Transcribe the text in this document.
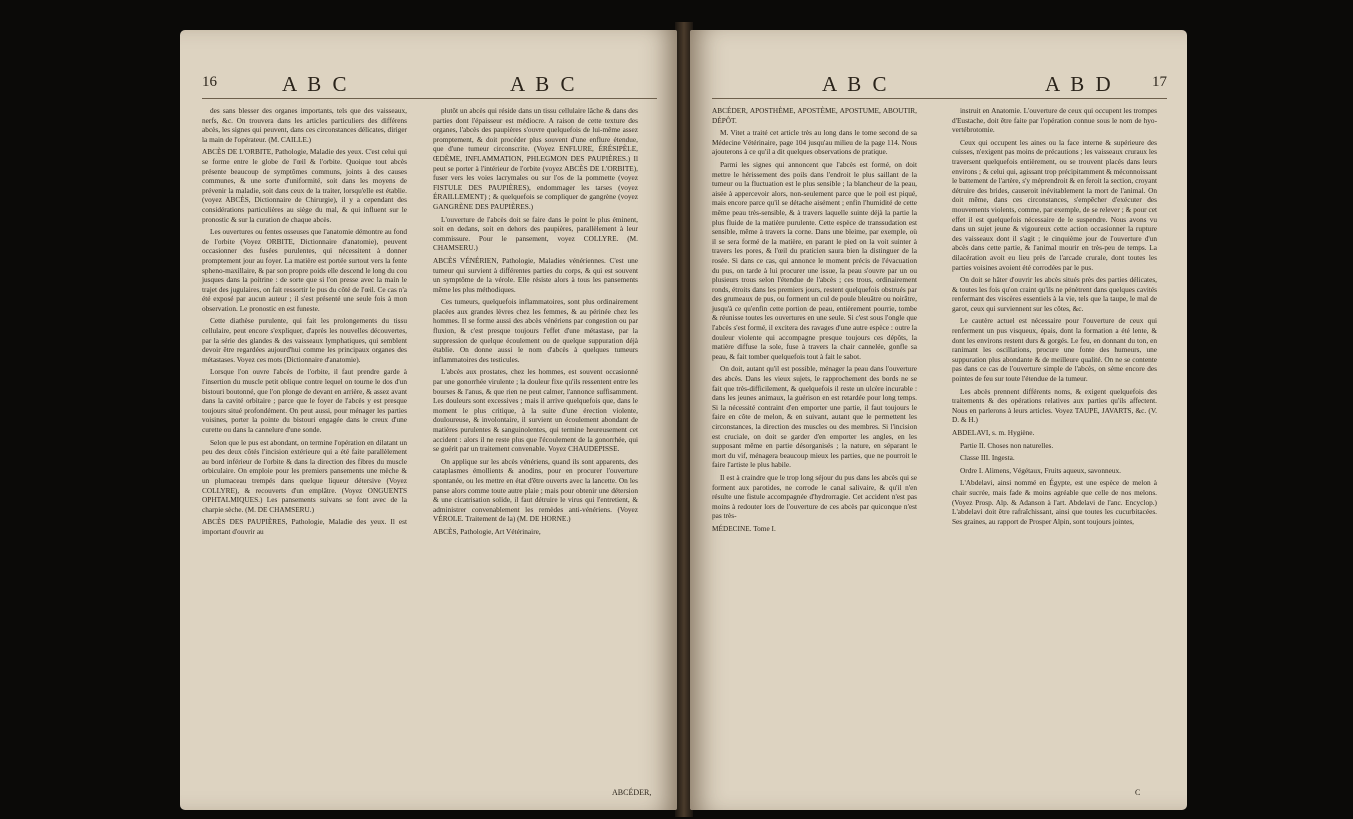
16	A B C	A B C

des sans blesser des organes importants, tels que des vaisseaux, nerfs, &c. On trouvera dans les articles particuliers des différens abcès, les signes qui peuvent, dans ces circonstances délicates, diriger la main de l'opérateur. (M. CAILLE.)

ABCÈS DE L'ORBITE, Pathologie, Maladie des yeux. C'est celui qui se forme entre le globe de l'œil & l'orbite. Quoique tout abcès présente beaucoup de symptômes communs, joints à des causes communes, & une sorte d'uniformité, soit dans les moyens de prévenir la maladie, soit dans ceux de la traiter, lorsqu'elle est établie. (voyez ABCÈS, Dictionnaire de Chirurgie), il y a cependant des considérations particulières au siège du mal, & qui influent sur le pronostic & sur la curation de chaque abcès.

Les ouvertures ou fentes osseuses que l'anatomie démontre au fond de l'orbite (Voyez ORBITE, Dictionnaire d'anatomie), peuvent occasionner des fusées purulentes, qui nécessitent à donner promptement jour au foyer. La matière est portée surtout vers la fente spheno-maxillaire, & par son propre poids elle descend le long du cou jusques dans la poitrine : de sorte que si l'on presse avec la main le trajet des jugulaires, on fait ressortir le pus du côté de l'œil. Ce cas n'a été exposé par aucun auteur ; il s'est présenté une seule fois à mon observation. Le pronostic en est funeste.

Cette diathèse purulente, qui fait les prolongements du tissu cellulaire, peut encore s'expliquer, d'après les nouvelles découvertes, par la série des glandes & des vaisseaux lymphatiques, qui semblent devoir être regardées aujourd'hui comme les principaux organes des métastases. Voyez ces mots (Dictionnaire d'anatomie).

Lorsque l'on ouvre l'abcès de l'orbite, il faut prendre garde à l'insertion du muscle petit oblique contre lequel on tourne le dos d'un bistouri boutonné, que l'on plonge de devant en arrière, & assez avant dans la cavité orbitaire ; parce que le foyer de l'abcès y est presque toujours situé profondément. On peut aussi, pour ménager les parties voisines, porter la pointe du bistouri engagée dans le creux d'une curette ou dans la cannelure d'une sonde.

Selon que le pus est abondant, on termine l'opération en dilatant un peu des deux côtés l'incision extérieure qui a été faite parallèlement au bord inférieur de l'orbite & dans la direction des fibres du muscle orbiculaire. On emploie pour les premiers pansements une mèche & un plumaceau trempés dans quelque liqueur détersive (Voyez COLLYRE), & recouverts d'un emplâtre. (Voyez ONGUENTS OPHTALMIQUES.) Les pansements suivans se font avec de la charpie sèche. (M. DE CHAMSERU.)

ABCÈS DES PAUPIÈRES, Pathologie, Maladie des yeux. Il est important d'ouvrir au

plutôt un abcès qui réside dans un tissu cellulaire lâche & dans des parties dont l'épaisseur est médiocre. A raison de cette texture des organes, l'abcès des paupières s'ouvre quelquefois de lui-même assez promptement, & doit procéder plus souvent d'une enflure étendue, que d'une tumeur circonscrite. (Voyez ENFLURE, ÉRÉSIPÈLE, ŒDÈME, INFLAMMATION, PHLEGMON DES PAUPIÈRES.) Il peut se porter à l'intérieur de l'orbite (voyez ABCÈS DE L'ORBITE), fuser vers les voies lacrymales ou sur l'os de la pommette (voyez FISTULE DES PAUPIÈRES), endommager les tarses (voyez ÉRAILLEMENT) ; & quelquefois se compliquer de gangrène (voyez GANGRÈNE DES PAUPIÈRES.)

L'ouverture de l'abcès doit se faire dans le point le plus éminent, soit en dedans, soit en dehors des paupières, parallèlement à leur commissure. Pour le pansement, voyez COLLYRE. (M. CHAMSERU.)

ABCÈS VÉNÉRIEN, Pathologie, Maladies vénériennes. C'est une tumeur qui survient à différentes parties du corps, & qui est souvent un symptôme de la vérole. Elle résiste alors à tous les pansements même les plus méthodiques.

Ces tumeurs, quelquefois inflammatoires, sont plus ordinairement placées aux grandes lèvres chez les femmes, & au périnée chez les hommes. Il se forme aussi des abcès vénériens par congestion ou par fluxion, & c'est presque toujours l'effet d'une métastase, par la suppression de quelque écoulement ou de quelque suppuration déjà établie. On donne aussi le nom d'abcès à quelques tumeurs inflammatoires des testicules.

L'abcès aux prostates, chez les hommes, est souvent occasionné par une gonorrhée virulente ; la douleur fixe qu'ils ressentent entre les bourses & l'anus, & que rien ne peut calmer, l'annonce suffisamment. Les douleurs sont excessives ; mais il arrive quelquefois que, dans le moment le plus critique, à la suite d'une érection violente, douloureuse, & involontaire, il survient un écoulement abondant de matières purulentes & sanguinolentes, qui termine heureusement cet accident : alors il ne reste plus que l'écoulement de la gonorrhée, qui se guérit par un traitement convenable. Voyez CHAUDEPISSE.

On applique sur les abcès vénériens, quand ils sont apparents, des cataplasmes émollients & anodins, pour en procurer l'ouverture spontanée, ou les mettre en état d'être ouverts avec la lancette. On les panse alors comme toute autre plaie ; mais pour obtenir une détersion & une cicatrisation solide, il faut détruire le virus qui l'entretient, & administrer convenablement les remèdes anti-vénériens. (Voyez VÉROLE. Traitement de la) (M. DE HORNE.)

ABCÈS, Pathologie, Art Vétérinaire,

ABCÉDER,
A B C	A B D	17

ABCÉDER, APOSTHÈME, APOSTÈME, APOSTUME, ABOUTIR, DÉPÔT.

M. Vitet a traité cet article très au long dans le tome second de sa Médecine Vétérinaire, page 104 jusqu'au milieu de la page 114. Nous ajouterons à ce qu'il a dit quelques observations de pratique.

Parmi les signes qui annoncent que l'abcès est formé, on doit mettre le hérissement des poils dans l'endroit le plus saillant de la tumeur ou la fluctuation est le plus sensible ; la blancheur de la peau, aisée à appercevoir alors, non-seulement parce que le poil est piqué, mais encore parce qu'il se détache aisément ; enfin l'humidité de cette même peau très-sensible, & à travers laquelle suinte déjà la partie la plus fluide de la matière purulente. Cette espèce de transsudation est sensible, même à travers la corne. Dans une bleime, par exemple, où il se sera formé de la matière, en parant le pied on la voit suinter à travers les pores, & l'œil du praticien saura bien la distinguer de la rosée. Si dans ce cas, qui annonce le moment précis de l'évacuation du pus, on tarde à lui procurer une issue, la peau s'ouvre par un ou plusieurs trous selon l'étendue de l'abcès ; ces trous, ordinairement ronds, étroits dans les premiers jours, restent quelquefois obstrués par des grumeaux de pus, ou forment un cul de poule bleuâtre ou noirâtre, jusqu'à ce qu'enfin cette portion de peau, entièrement pourrie, tombe & réunisse toutes les ouvertures en une seule. Si c'est sous l'ongle que l'abcès s'est formé, il excitera des ravages d'une autre espèce : outre la douleur violente qui accompagne presque toujours ces dépôts, la matière diffuse la sole, fuse à travers la chair cannelée, gonfle sa peau, & fait tomber quelquefois tout à fait le sabot.

On doit, autant qu'il est possible, ménager la peau dans l'ouverture des abcès. Dans les vieux sujets, le rapprochement des bords ne se fait que très-difficilement, & quelquefois il reste un ulcère incurable : dans les jeunes animaux, la guérison en est retardée pour long temps. Si la nécessité contraint d'en emporter une partie, il faut toujours le faire en côte de melon, & en suivant, autant que le permettent les circonstances, la direction des muscles ou des membres. Si l'incision est cruciale, on doit se garder d'en emporter les angles, en les supposant même en partie désorganisés ; la nature, en séparant le mort du vif, ménagera beaucoup mieux les parties, que ne pourroit le faire l'artiste le plus habile.

Il est à craindre que le trop long séjour du pus dans les abcès qui se forment aux parotides, ne corrode le canal salivaire, & qu'il n'en résulte une fistule accompagnée d'hydrorragie. Cet accident n'est pas moins à redouter lors de l'ouverture de ces abcès par quiconque n'est pas très-

MÉDECINE. Tome I.

instruit en Anatomie. L'ouverture de ceux qui occupent les trompes d'Eustache, doit être faite par l'opération connue sous le nom de hyo-vertébrotomie.

Ceux qui occupent les aines ou la face interne & supérieure des cuisses, n'exigent pas moins de précautions ; les vaisseaux cruraux les traversent quelquefois entièrement, ou se trouvent placés dans leurs environs ; & celui qui, agissant trop précipitamment & méconnoissant le battement de l'artère, s'y méprendroit & en feroit la section, croyant détruire des brides, causeroit inévitablement la mort de l'animal. On doit même, dans ces circonstances, s'empêcher d'exécuter des mouvements violents, comme, par exemple, de se relever ; & pour cet effet il est quelquefois nécessaire de le suspendre. Nous avons vu dans un sujet jeune & vigoureux cette action occasionner la rupture des vaisseaux dont il s'agit ; le cinquième jour de l'ouverture d'un abcès dans cette partie, & l'animal mourir en très-peu de temps. La dilacération avoit eu lieu près de l'arcade crurale, dont toutes les parties voisines avoient été corrodées par le pus.

On doit se hâter d'ouvrir les abcès situés près des parties délicates, & toutes les fois qu'on craint qu'ils ne pénètrent dans quelques cavités renfermant des viscères essentiels à la vie, tels que la taupe, le mal de garot, ceux qui surviennent sur les côtes, &c.

Le cautère actuel est nécessaire pour l'ouverture de ceux qui renferment un pus visqueux, épais, dont la formation a été lente, & dont les environs restent durs & gorgés. Le feu, en donnant du ton, en ranimant les oscillations, procure une fonte des humeurs, une suppuration plus abondante & de meilleure qualité. On ne se contente pas dans ce cas de l'ouverture simple de l'abcès, on sème encore des pointes de feu sur toute l'étendue de la tumeur.

Les abcès prennent différents noms, & exigent quelquefois des traitements & des opérations relatives aux parties qu'ils affectent. Nous en parlerons à leurs articles. Voyez TAUPE, JAVARTS, &c. (V. D. & H.)

ABDELAVI, s. m. Hygiène.

Partie II. Choses non naturelles.

Classe III. Ingesta.

Ordre I. Alimens, Végétaux, Fruits aqueux, savonneux.

L'Abdelavi, ainsi nommé en Égypte, est une espèce de melon à chair sucrée, mais fade & moins agréable que celle de nos melons. (Voyez Prosp. Alp. & Adanson à l'art. Abdelavi de l'anc. Encyclop.) L'abdelavi doit être rafraîchissant, ainsi que toutes les cucurbitacées. Ses graines, au rapport de Prosper Alpin, sont toujours jointes,

C
